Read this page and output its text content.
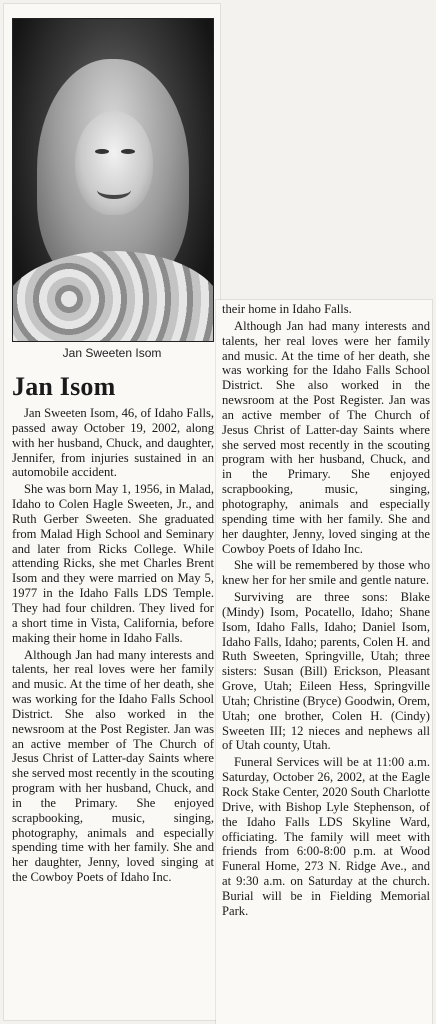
Jan Sweeten Isom
Jan Isom

Jan Sweeten Isom, 46, of Idaho Falls, passed away October 19, 2002, along with her husband, Chuck, and daughter, Jennifer, from injuries sustained in an automobile accident.

She was born May 1, 1956, in Malad, Idaho to Colen Hagle Sweeten, Jr., and Ruth Gerber Sweeten. She graduated from Malad High School and Seminary and later from Ricks College. While attending Ricks, she met Charles Brent Isom and they were married on May 5, 1977 in the Idaho Falls LDS Temple. They had four children. They lived for a short time in Vista, California, before making their home in Idaho Falls.

Although Jan had many interests and talents, her real loves were her family and music. At the time of her death, she was working for the Idaho Falls School District. She also worked in the newsroom at the Post Register. Jan was an active member of The Church of Jesus Christ of Latter-day Saints where she served most recently in the scouting program with her husband, Chuck, and in the Primary. She enjoyed scrapbooking, music, singing, photography, animals and especially spending time with her family. She and her daughter, Jenny, loved singing at the Cowboy Poets of Idaho Inc.

their home in Idaho Falls.

Although Jan had many interests and talents, her real loves were her family and music. At the time of her death, she was working for the Idaho Falls School District. She also worked in the newsroom at the Post Register. Jan was an active member of The Church of Jesus Christ of Latter-day Saints where she served most recently in the scouting program with her husband, Chuck, and in the Primary. She enjoyed scrapbooking, music, singing, photography, animals and especially spending time with her family. She and her daughter, Jenny, loved singing at the Cowboy Poets of Idaho Inc.

She will be remembered by those who knew her for her smile and gentle nature.

Surviving are three sons: Blake (Mindy) Isom, Pocatello, Idaho; Shane Isom, Idaho Falls, Idaho; Daniel Isom, Idaho Falls, Idaho; parents, Colen H. and Ruth Sweeten, Springville, Utah; three sisters: Susan (Bill) Erickson, Pleasant Grove, Utah; Eileen Hess, Springville Utah; Christine (Bryce) Goodwin, Orem, Utah; one brother, Colen H. (Cindy) Sweeten III; 12 nieces and nephews all of Utah county, Utah.

Funeral Services will be at 11:00 a.m. Saturday, October 26, 2002, at the Eagle Rock Stake Center, 2020 South Charlotte Drive, with Bishop Lyle Stephenson, of the Idaho Falls LDS Skyline Ward, officiating. The family will meet with friends from 6:00-8:00 p.m. at Wood Funeral Home, 273 N. Ridge Ave., and at 9:30 a.m. on Saturday at the church. Burial will be in Fielding Memorial Park.
